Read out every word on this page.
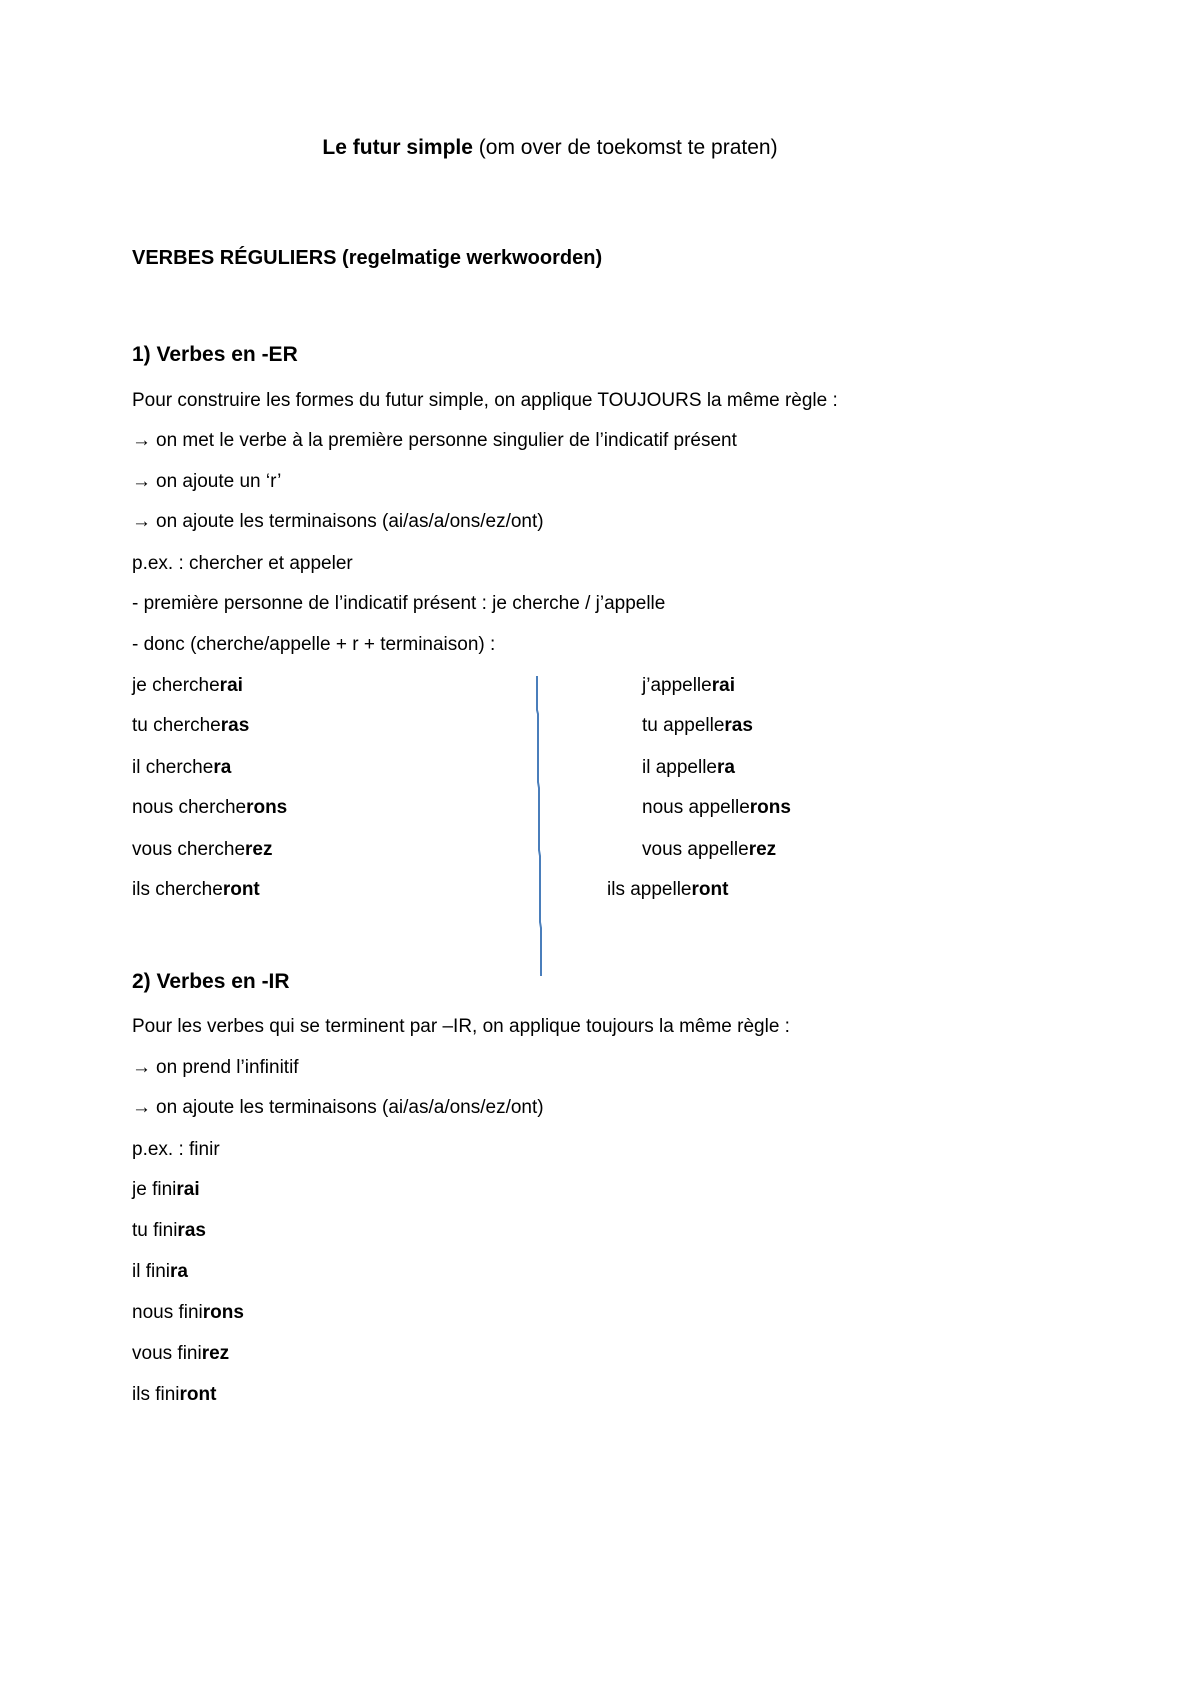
Le futur simple (om over de toekomst te praten)
VERBES RÉGULIERS (regelmatige werkwoorden)
1) Verbes en -ER
Pour construire les formes du futur simple, on applique TOUJOURS la même règle :
→ on met le verbe à la première personne singulier de l’indicatif présent
→ on ajoute un ‘r’
→ on ajoute les terminaisons (ai/as/a/ons/ez/ont)
p.ex. : chercher et appeler
- première personne de l’indicatif présent : je cherche / j’appelle
- donc (cherche/appelle + r + terminaison) :
je chercherai
tu chercheras
il cherchera
nous chercherons
vous chercherez
ils chercheront
j’appellerai
tu appelleras
il appellera
nous appellerons
vous appellerez
ils appelleront
2) Verbes en -IR
Pour les verbes qui se terminent par –IR, on applique toujours la même règle :
→ on prend l’infinitif
→ on ajoute les terminaisons (ai/as/a/ons/ez/ont)
p.ex. : finir
je finirai
tu finiras
il finira
nous finirons
vous finirez
ils finiront
